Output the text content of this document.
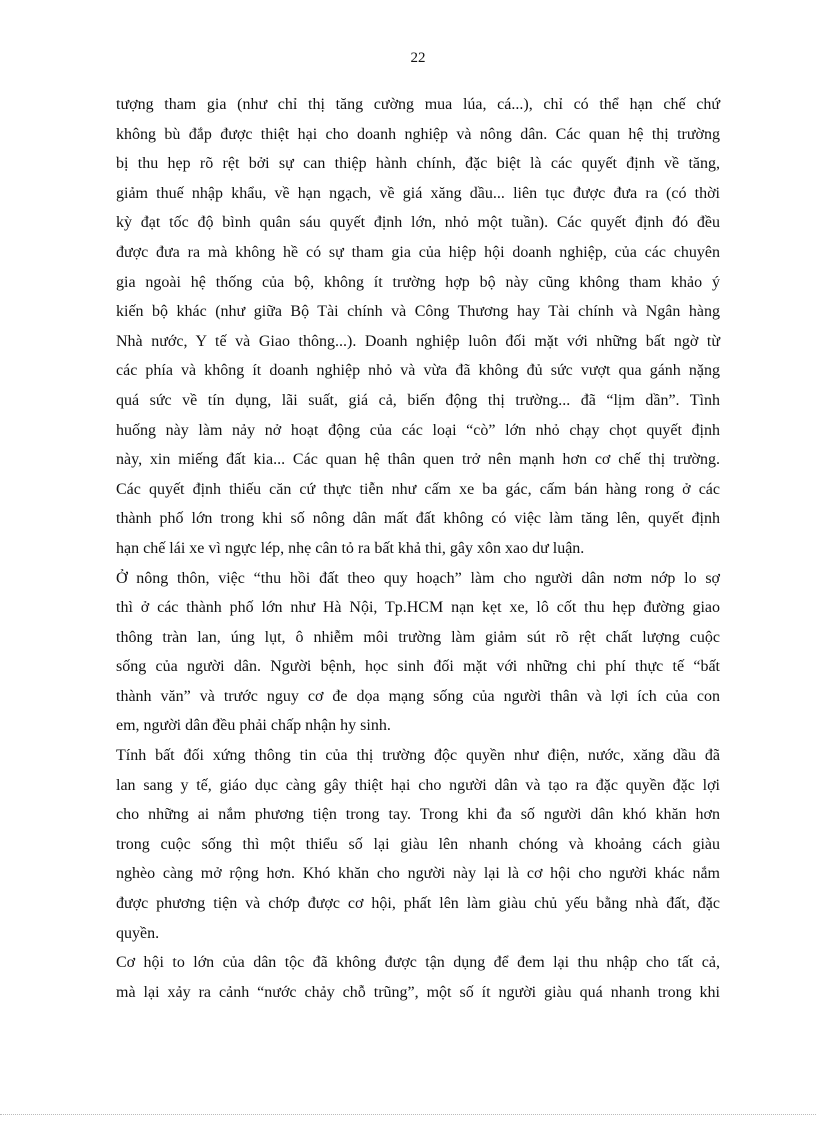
22

tượng tham gia (như chỉ thị tăng cường mua lúa, cá...), chỉ có thể hạn chế chứ

không bù đắp được thiệt hại cho doanh nghiệp và nông dân. Các quan hệ thị trường

bị thu hẹp rõ rệt bởi sự can thiệp hành chính, đặc biệt là các quyết định về tăng,

giảm thuế nhập khẩu, về hạn ngạch, về giá xăng dầu... liên tục được đưa ra (có thời

kỳ đạt tốc độ bình quân sáu quyết định lớn, nhỏ một tuần). Các quyết định đó đều

được đưa ra mà không hề có sự tham gia của hiệp hội doanh nghiệp, của các chuyên

gia ngoài hệ thống của bộ, không ít trường hợp bộ này cũng không tham khảo ý

kiến bộ khác (như giữa Bộ Tài chính và Công Thương hay Tài chính và Ngân hàng

Nhà nước, Y tế và Giao thông...). Doanh nghiệp luôn đối mặt với những bất ngờ từ

các phía và không ít doanh nghiệp nhỏ và vừa đã không đủ sức vượt qua gánh nặng

quá sức về tín dụng, lãi suất, giá cả, biến động thị trường... đã “lịm dần”. Tình

huống này làm nảy nở hoạt động của các loại “cò” lớn nhỏ chạy chọt quyết định

này, xin miếng đất kia... Các quan hệ thân quen trở nên mạnh hơn cơ chế thị trường.

Các quyết định thiếu căn cứ thực tiễn như cấm xe ba gác, cấm bán hàng rong ở các

thành phố lớn trong khi số nông dân mất đất không có việc làm tăng lên, quyết định

hạn chế lái xe vì ngực lép, nhẹ cân tỏ ra bất khả thi, gây xôn xao dư luận.

Ở nông thôn, việc “thu hồi đất theo quy hoạch” làm cho người dân nơm nớp lo sợ

thì ở các thành phố lớn như Hà Nội, Tp.HCM nạn kẹt xe, lô cốt thu hẹp đường giao

thông tràn lan, úng lụt, ô nhiễm môi trường làm giảm sút rõ rệt chất lượng cuộc

sống của người dân. Người bệnh, học sinh đối mặt với những chi phí thực tế “bất

thành văn” và trước nguy cơ đe dọa mạng sống của người thân và lợi ích của con

em, người dân đều phải chấp nhận hy sinh.

Tính bất đối xứng thông tin của thị trường độc quyền như điện, nước, xăng dầu đã

lan sang y tế, giáo dục càng gây thiệt hại cho người dân và tạo ra đặc quyền đặc lợi

cho những ai nắm phương tiện trong tay. Trong khi đa số người dân khó khăn hơn

trong cuộc sống thì một thiểu số lại giàu lên nhanh chóng và khoảng cách giàu

nghèo càng mở rộng hơn. Khó khăn cho người này lại là cơ hội cho người khác nắm

được phương tiện và chớp được cơ hội, phất lên làm giàu chủ yếu bằng nhà đất, đặc

quyền.

Cơ hội to lớn của dân tộc đã không được tận dụng để đem lại thu nhập cho tất cả,

mà lại xảy ra cảnh “nước chảy chỗ trũng”, một số ít người giàu quá nhanh trong khi
